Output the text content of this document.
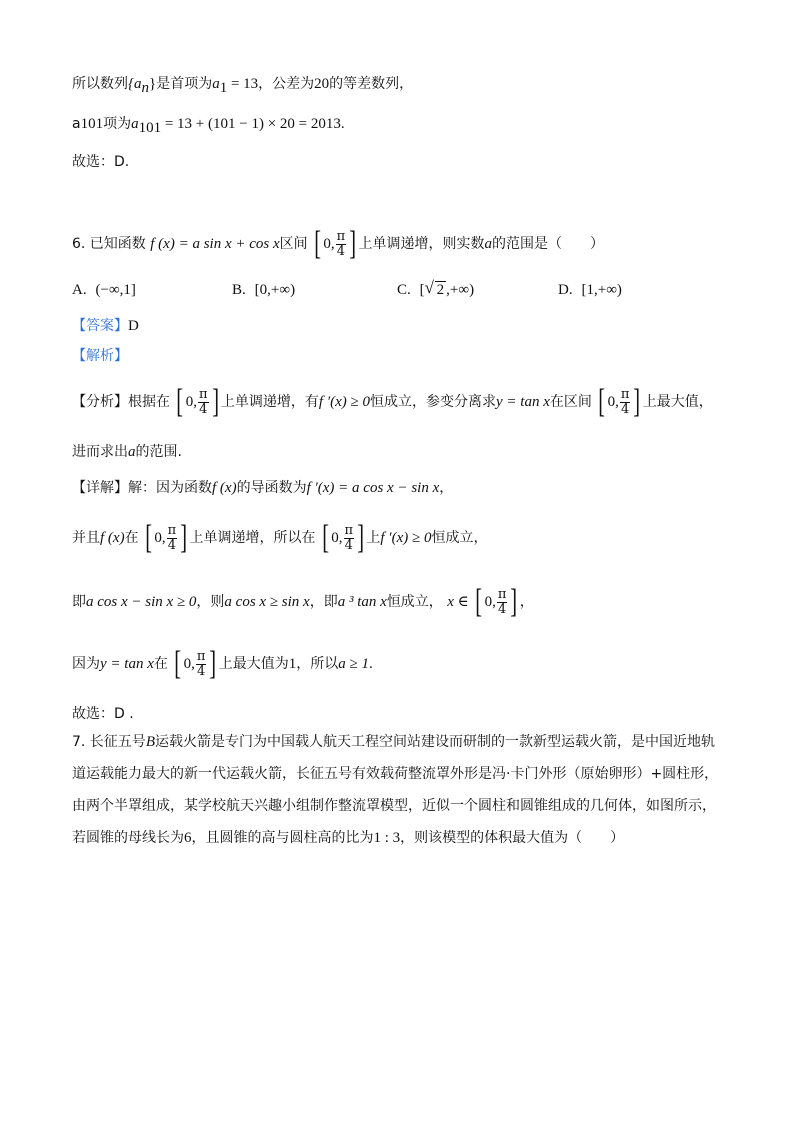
所以数列$\{a_n\}$是首项为$a_1 = 13$，公差为20的等差数列，
a101项为$a_{101} = 13 + (101 - 1) \times 20 = 2013$.
故选：D.
6. 已知函数 f (x) = a sin x + cos x区间 [ 0, $\frac{\pi}{4}$ ] 上单调递增，则实数a的范围是（　　）
A. (−∞,1]	B. [0,+∞)	C. [√ 2 ,+∞)	D. [1,+∞)
【答案】D
【解析】
【分析】根据在 [ 0, $\frac{\pi}{4}$ ] 上单调递增，有f ′(x) ≥ 0恒成立，参变分离求y = tan x在区间 [ 0, $\frac{\pi}{4}$ ] 上最大值，
进而求出a的范围.
【详解】解：因为函数f (x)的导函数为f ′(x) = a cos x − sin x，
并且f (x)在 [ 0, $\frac{\pi}{4}$ ] 上单调递增，所以在 [ 0, $\frac{\pi}{4}$ ] 上f ′(x) ≥ 0恒成立，
即a cos x − sin x ≥ 0，则a cos x ≥ sin x，即a ³ tan x恒成立， x ∈ [ 0, $\frac{\pi}{4}$ ] ，
因为y = tan x在 [ 0, $\frac{\pi}{4}$ ] 上最大值为1，所以a ≥ 1.
故选：D .
7. 长征五号B运载火箭是专门为中国载人航天工程空间站建设而研制的一款新型运载火箭，是中国近地轨
道运载能力最大的新一代运载火箭，长征五号有效载荷整流罩外形是冯·卡门外形（原始卵形）+圆柱形，
由两个半罩组成，某学校航天兴趣小组制作整流罩模型，近似一个圆柱和圆锥组成的几何体，如图所示，
若圆锥的母线长为6，且圆锥的高与圆柱高的比为1 : 3，则该模型的体积最大值为（　　）
